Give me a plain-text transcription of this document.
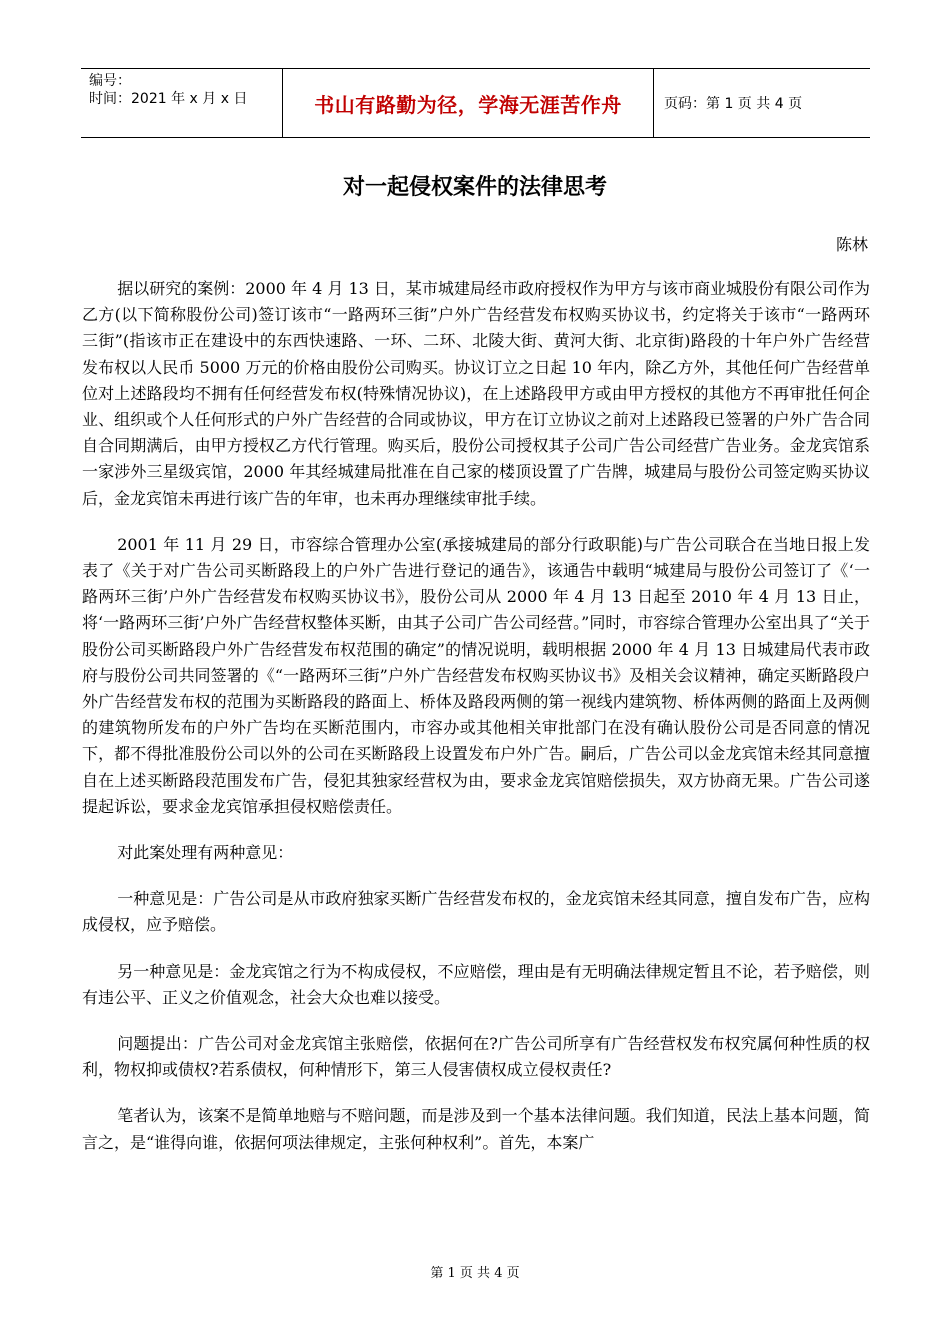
编号：
时间：2021 年 x 月 x 日	书山有路勤为径，学海无涯苦作舟	页码：第 1 页 共 4 页
对一起侵权案件的法律思考
陈林

据以研究的案例：2000 年 4 月 13 日，某市城建局经市政府授权作为甲方与该市商业城股份有限公司作为乙方(以下简称股份公司)签订该市“一路两环三街”户外广告经营发布权购买协议书，约定将关于该市“一路两环三街”(指该市正在建设中的东西快速路、一环、二环、北陵大街、黄河大街、北京街)路段的十年户外广告经营发布权以人民币 5000 万元的价格由股份公司购买。协议订立之日起 10 年内，除乙方外，其他任何广告经营单位对上述路段均不拥有任何经营发布权(特殊情况协议)，在上述路段甲方或由甲方授权的其他方不再审批任何企业、组织或个人任何形式的户外广告经营的合同或协议，甲方在订立协议之前对上述路段已签署的户外广告合同自合同期满后，由甲方授权乙方代行管理。购买后，股份公司授权其子公司广告公司经营广告业务。金龙宾馆系一家涉外三星级宾馆，2000 年其经城建局批准在自己家的楼顶设置了广告牌，城建局与股份公司签定购买协议后，金龙宾馆未再进行该广告的年审，也未再办理继续审批手续。

2001 年 11 月 29 日，市容综合管理办公室(承接城建局的部分行政职能)与广告公司联合在当地日报上发表了《关于对广告公司买断路段上的户外广告进行登记的通告》，该通告中载明“城建局与股份公司签订了《‘一路两环三街’户外广告经营发布权购买协议书》，股份公司从 2000 年 4 月 13 日起至 2010 年 4 月 13 日止，将‘一路两环三街’户外广告经营权整体买断，由其子公司广告公司经营。”同时，市容综合管理办公室出具了“关于股份公司买断路段户外广告经营发布权范围的确定”的情况说明，载明根据 2000 年 4 月 13 日城建局代表市政府与股份公司共同签署的《“一路两环三街”户外广告经营发布权购买协议书》及相关会议精神，确定买断路段户外广告经营发布权的范围为买断路段的路面上、桥体及路段两侧的第一视线内建筑物、桥体两侧的路面上及两侧的建筑物所发布的户外广告均在买断范围内，市容办或其他相关审批部门在没有确认股份公司是否同意的情况下，都不得批准股份公司以外的公司在买断路段上设置发布户外广告。嗣后，广告公司以金龙宾馆未经其同意擅自在上述买断路段范围发布广告，侵犯其独家经营权为由，要求金龙宾馆赔偿损失，双方协商无果。广告公司遂提起诉讼，要求金龙宾馆承担侵权赔偿责任。

对此案处理有两种意见：

一种意见是：广告公司是从市政府独家买断广告经营发布权的，金龙宾馆未经其同意，擅自发布广告，应构成侵权，应予赔偿。

另一种意见是：金龙宾馆之行为不构成侵权，不应赔偿，理由是有无明确法律规定暂且不论，若予赔偿，则有违公平、正义之价值观念，社会大众也难以接受。

问题提出：广告公司对金龙宾馆主张赔偿，依据何在?广告公司所享有广告经营权发布权究属何种性质的权利，物权抑或债权?若系债权，何种情形下，第三人侵害债权成立侵权责任?

笔者认为，该案不是简单地赔与不赔问题，而是涉及到一个基本法律问题。我们知道，民法上基本问题，简言之，是“谁得向谁，依据何项法律规定，主张何种权利”。首先，本案广

第 1 页 共 4 页
